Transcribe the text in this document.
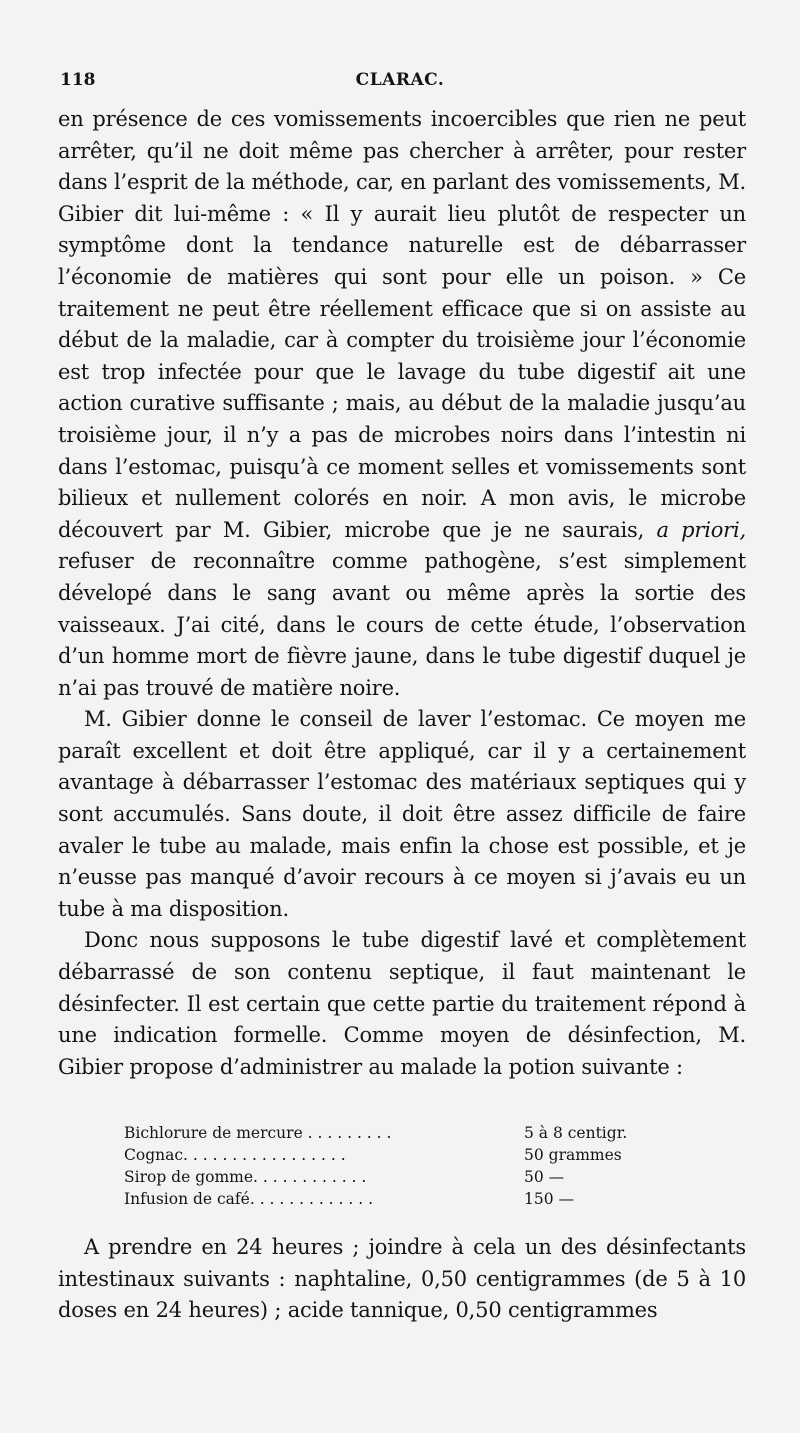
118	CLARAC.

en présence de ces vomissements incoercibles que rien ne peut arrêter, qu’il ne doit même pas chercher à arrêter, pour rester dans l’esprit de la méthode, car, en parlant des vomissements, M. Gibier dit lui-même : « Il y aurait lieu plutôt de respecter un symptôme dont la tendance naturelle est de débarrasser l’économie de matières qui sont pour elle un poison. » Ce traitement ne peut être réellement efficace que si on assiste au début de la maladie, car à compter du troisième jour l’économie est trop infectée pour que le lavage du tube digestif ait une action curative suffisante ; mais, au début de la maladie jusqu’au troisième jour, il n’y a pas de microbes noirs dans l’intestin ni dans l’estomac, puisqu’à ce moment selles et vomissements sont bilieux et nullement colorés en noir. A mon avis, le microbe découvert par M. Gibier, microbe que je ne saurais, a priori, refuser de reconnaître comme pathogène, s’est simplement dévelopé dans le sang avant ou même après la sortie des vaisseaux. J’ai cité, dans le cours de cette étude, l’observation d’un homme mort de fièvre jaune, dans le tube digestif duquel je n’ai pas trouvé de matière noire.

M. Gibier donne le conseil de laver l’estomac. Ce moyen me paraît excellent et doit être appliqué, car il y a certainement avantage à débarrasser l’estomac des matériaux septiques qui y sont accumulés. Sans doute, il doit être assez difficile de faire avaler le tube au malade, mais enfin la chose est possible, et je n’eusse pas manqué d’avoir recours à ce moyen si j’avais eu un tube à ma disposition.

Donc nous supposons le tube digestif lavé et complètement débarrassé de son contenu septique, il faut maintenant le désinfecter. Il est certain que cette partie du traitement répond à une indication formelle. Comme moyen de désinfection, M. Gibier propose d’administrer au malade la potion suivante :

Bichlorure de mercure . . . . . . . . .	5 à 8 centigr.
Cognac. . . . . . . . . . . . . . . . .	50 grammes
Sirop de gomme. . . . . . . . . . . .	50 —
Infusion de café. . . . . . . . . . . . .	150 —

A prendre en 24 heures ; joindre à cela un des désinfectants intestinaux suivants : naphtaline, 0,50 centigrammes (de 5 à 10 doses en 24 heures) ; acide tannique, 0,50 centigrammes
